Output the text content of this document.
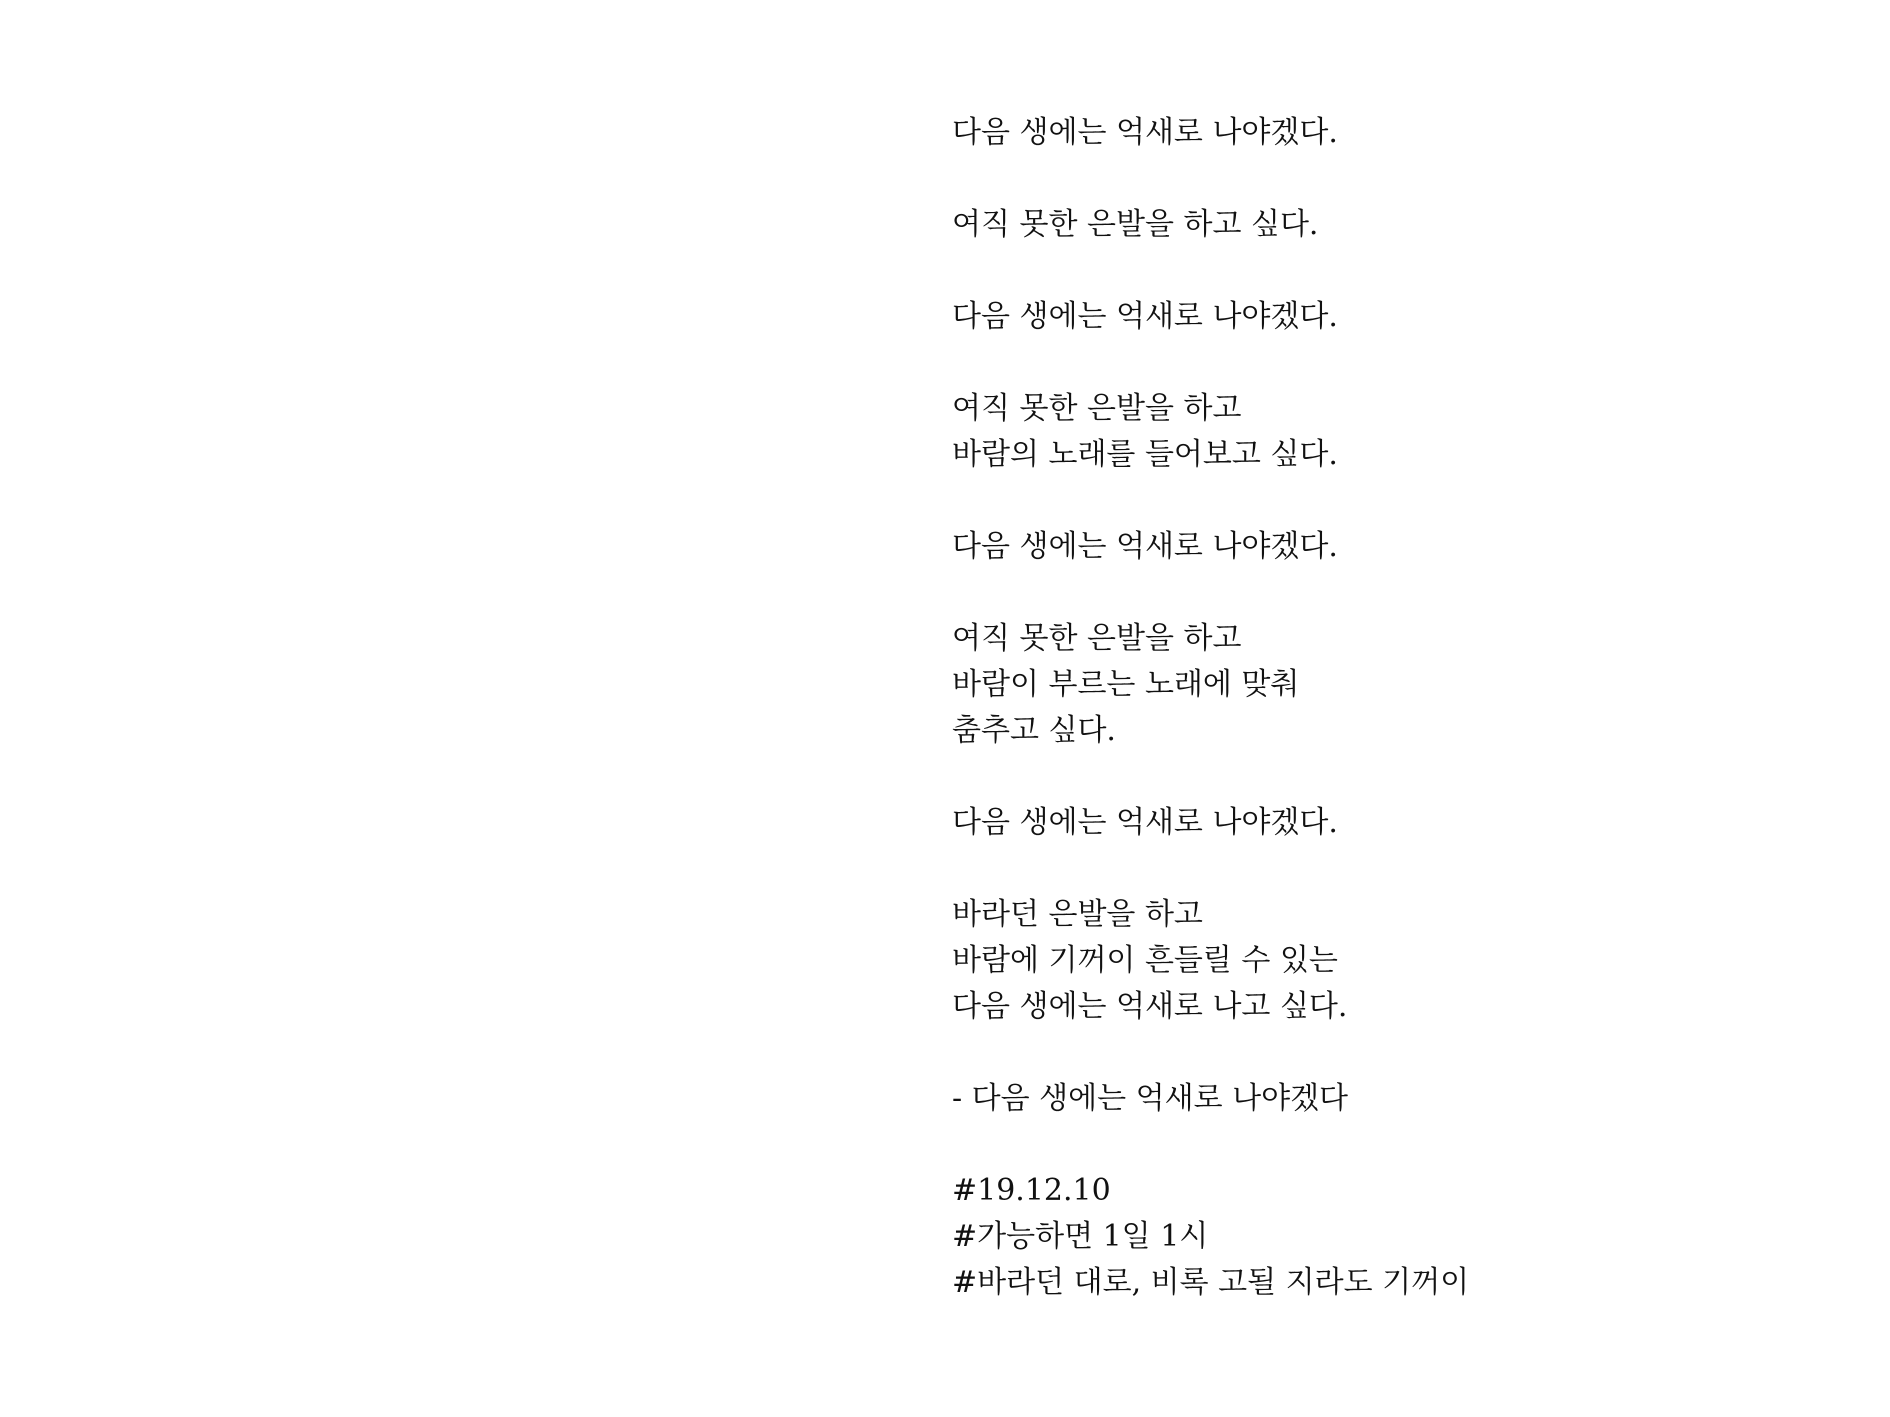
다음 생에는 억새로 나야겠다.
여직 못한 은발을 하고 싶다.
다음 생에는 억새로 나야겠다.
여직 못한 은발을 하고
바람의 노래를 들어보고 싶다.
다음 생에는 억새로 나야겠다.
여직 못한 은발을 하고
바람이 부르는 노래에 맞춰
춤추고 싶다.
다음 생에는 억새로 나야겠다.
바라던 은발을 하고
바람에 기꺼이 흔들릴 수 있는
다음 생에는 억새로 나고 싶다.
- 다음 생에는 억새로 나야겠다
#19.12.10
#가능하면 1일 1시
#바라던 대로, 비록 고될 지라도 기꺼이
